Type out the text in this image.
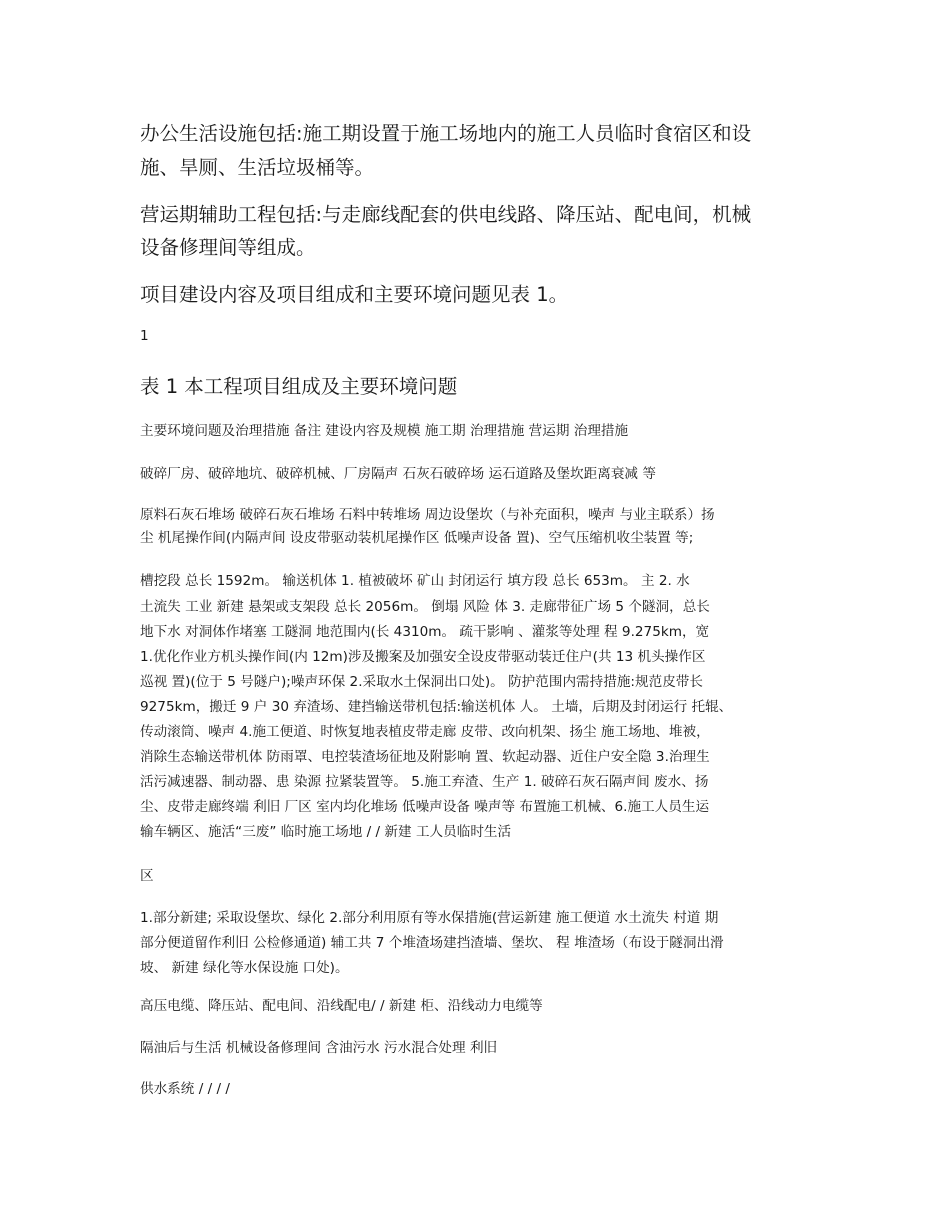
办公生活设施包括:施工期设置于施工场地内的施工人员临时食宿区和设

施、旱厕、生活垃圾桶等。

营运期辅助工程包括:与走廊线配套的供电线路、降压站、配电间，机械

设备修理间等组成。

项目建设内容及项目组成和主要环境问题见表 1。

1

表 1 本工程项目组成及主要环境问题

主要环境问题及治理措施 备注 建设内容及规模 施工期 治理措施 营运期 治理措施

破碎厂房、破碎地坑、破碎机械、厂房隔声 石灰石破碎场 运石道路及堡坎距离衰减 等

原料石灰石堆场 破碎石灰石堆场 石料中转堆场 周边设堡坎（与补充面积，噪声 与业主联系）扬

尘 机尾操作间(内隔声间 设皮带驱动装机尾操作区 低噪声设备 置)、空气压缩机收尘装置 等;

槽挖段 总长 1592m。 输送机体 1. 植被破坏 矿山 封闭运行 填方段 总长 653m。 主 2. 水

土流失 工业 新建 悬架或支架段 总长 2056m。 倒塌 风险 体 3. 走廊带征广场 5 个隧洞，总长

地下水 对洞体作堵塞 工隧洞 地范围内(长 4310m。 疏干影响 、灌浆等处理 程 9.275km，宽

1.优化作业方机头操作间(内 12m)涉及搬案及加强安全设皮带驱动装迁住户(共 13 机头操作区

巡视 置)(位于 5 号隧户);噪声环保 2.采取水土保洞出口处)。 防护范围内需持措施:规范皮带长

9275km，搬迁 9 户 30 弃渣场、建挡输送带机包括:输送机体 人。 土墙，后期及封闭运行 托辊、

传动滚筒、噪声 4.施工便道、时恢复地表植皮带走廊 皮带、改向机架、扬尘 施工场地、堆被，

消除生态输送带机体 防雨罩、电控装渣场征地及附影响 置、软起动器、近住户安全隐 3.治理生

活污减速器、制动器、患 染源 拉紧装置等。 5.施工弃渣、生产 1. 破碎石灰石隔声间 废水、扬

尘、皮带走廊终端 利旧 厂区 室内均化堆场 低噪声设备 噪声等 布置施工机械、6.施工人员生运

输车辆区、施活“三废” 临时施工场地 / / 新建 工人员临时生活

区

1.部分新建; 采取设堡坎、绿化 2.部分利用原有等水保措施(营运新建 施工便道 水土流失 村道 期

部分便道留作利旧 公检修通道) 辅工共 7 个堆渣场建挡渣墙、堡坎、 程 堆渣场（布设于隧洞出滑

坡、 新建 绿化等水保设施 口处)。

高压电缆、降压站、配电间、沿线配电/ / 新建 柜、沿线动力电缆等

隔油后与生活 机械设备修理间 含油污水 污水混合处理 利旧

供水系统 / / / /
